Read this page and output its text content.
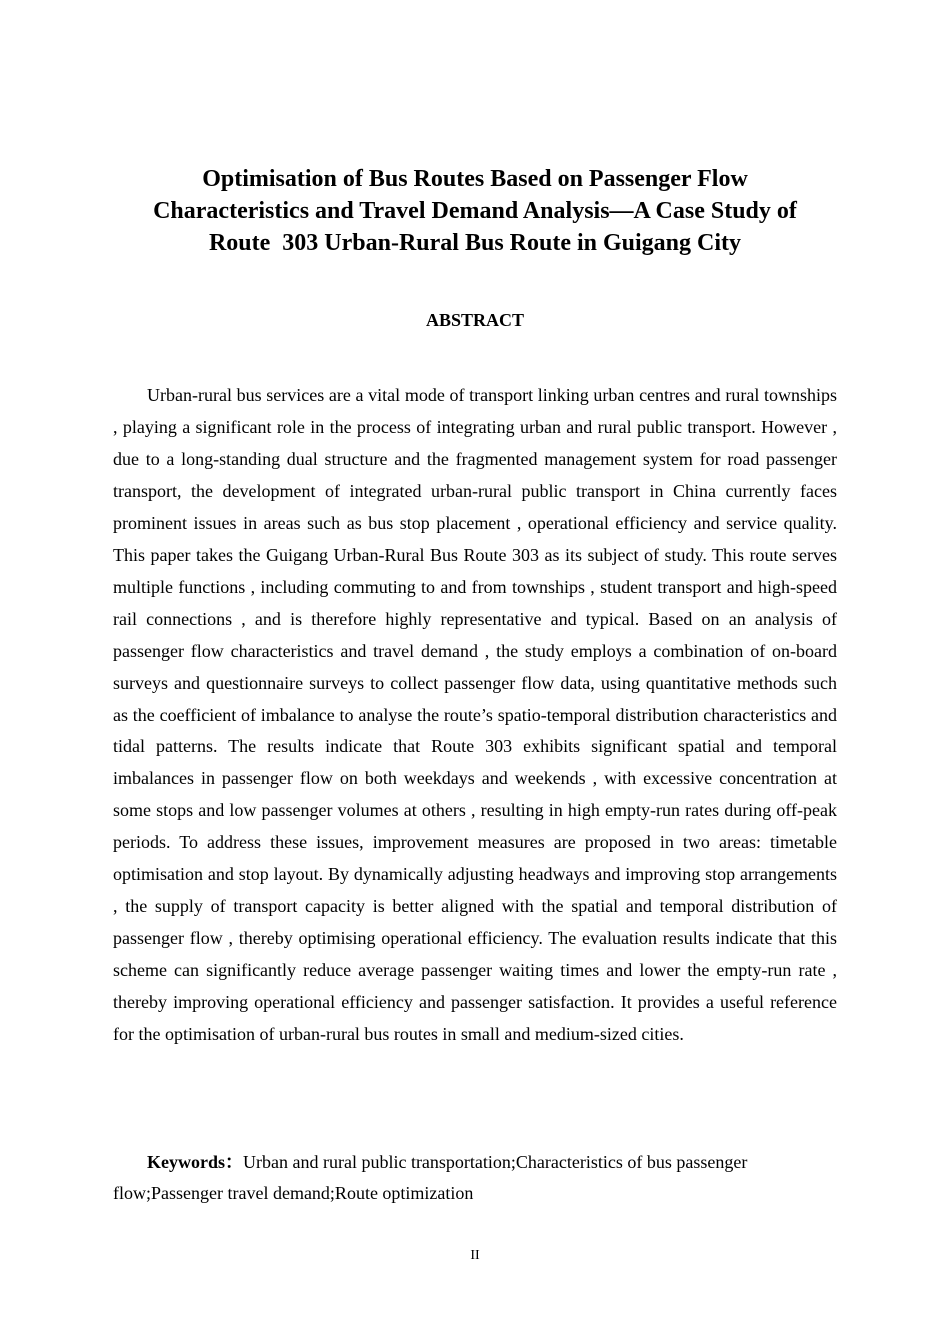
Optimisation of Bus Routes Based on Passenger Flow
Characteristics and Travel Demand Analysis—A Case Study of
Route  303 Urban-Rural Bus Route in Guigang City
ABSTRACT

Urban-rural bus services are a vital mode of transport linking urban centres and rural townships , playing a significant role in the process of integrating urban and rural public transport. However , due to a long-standing dual structure and the fragmented management system for road passenger transport, the development of integrated urban-rural public transport in China currently faces prominent issues in areas such as bus stop placement , operational efficiency and service quality. This paper takes the Guigang Urban-Rural Bus Route 303 as its subject of study. This route serves multiple functions , including commuting to and from townships , student transport and high-speed rail connections , and is therefore highly representative and typical. Based on an analysis of passenger flow characteristics and travel demand , the study employs a combination of on-board surveys and questionnaire surveys to collect passenger flow data, using quantitative methods such as the coefficient of imbalance to analyse the route’s spatio-temporal distribution characteristics and tidal patterns. The results indicate that Route 303 exhibits significant spatial and temporal imbalances in passenger flow on both weekdays and weekends , with excessive concentration at some stops and low passenger volumes at others , resulting in high empty-run rates during off-peak periods. To address these issues, improvement measures are proposed in two areas: timetable optimisation and stop layout. By dynamically adjusting headways and improving stop arrangements , the supply of transport capacity is better aligned with the spatial and temporal distribution of passenger flow , thereby optimising operational efficiency. The evaluation results indicate that this scheme can significantly reduce average passenger waiting times and lower the empty-run rate , thereby improving operational efficiency and passenger satisfaction. It provides a useful reference for the optimisation of urban-rural bus routes in small and medium-sized cities.

Keywords：Urban and rural public transportation;Characteristics of bus passenger flow;Passenger travel demand;Route optimization

II
